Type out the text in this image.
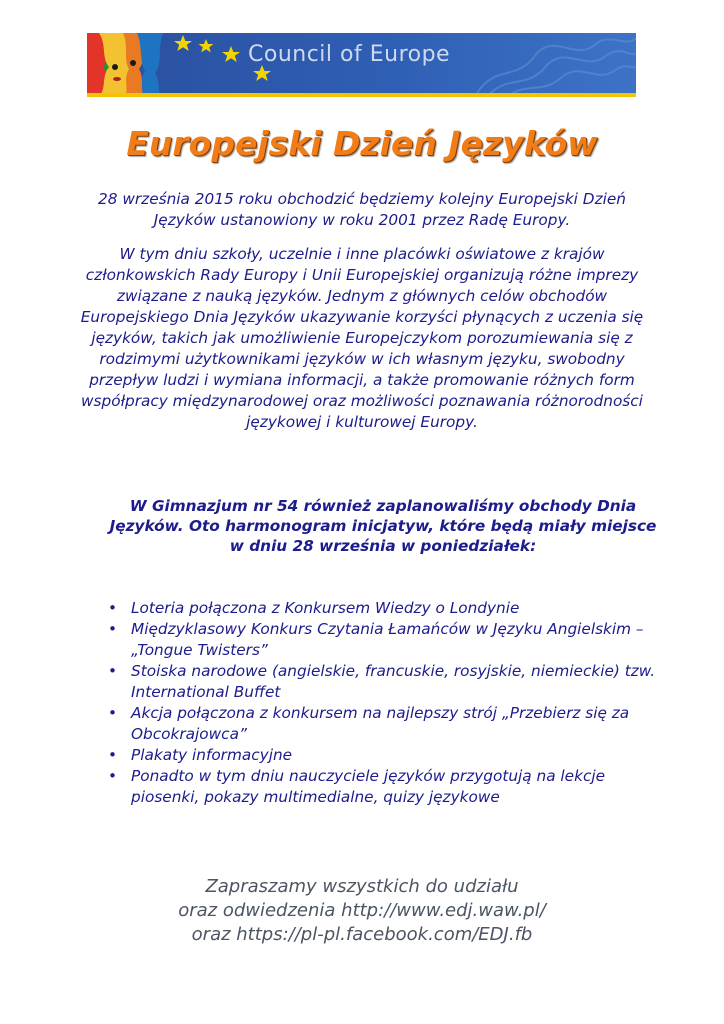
Council of Europe
Europejski Dzień Języków

28 września 2015 roku obchodzić będziemy kolejny Europejski Dzień Języków ustanowiony w roku 2001 przez Radę Europy.

W tym dniu szkoły, uczelnie i inne placówki oświatowe z krajów członkowskich Rady Europy i Unii Europejskiej organizują różne imprezy związane z nauką języków. Jednym z głównych celów obchodów Europejskiego Dnia Języków ukazywanie korzyści płynących z uczenia się języków, takich jak umożliwienie Europejczykom porozumiewania się z rodzimymi użytkownikami języków w ich własnym języku, swobodny przepływ ludzi i wymiana informacji, a także promowanie różnych form współpracy międzynarodowej oraz możliwości poznawania różnorodności językowej i kulturowej Europy.

W Gimnazjum nr 54 również zaplanowaliśmy obchody Dnia Języków. Oto harmonogram inicjatyw, które będą miały miejsce w dniu 28 września w poniedziałek:

• Loteria połączona z Konkursem Wiedzy o Londynie
• Międzyklasowy Konkurs Czytania Łamańców w Języku Angielskim – „Tongue Twisters”
• Stoiska narodowe (angielskie, francuskie, rosyjskie, niemieckie) tzw. International Buffet
• Akcja połączona z konkursem na najlepszy strój „Przebierz się za Obcokrajowca”
• Plakaty informacyjne
• Ponadto w tym dniu nauczyciele języków przygotują na lekcje piosenki, pokazy multimedialne, quizy językowe
Zapraszamy wszystkich do udziału
oraz odwiedzenia http://www.edj.waw.pl/
oraz https://pl-pl.facebook.com/EDJ.fb
